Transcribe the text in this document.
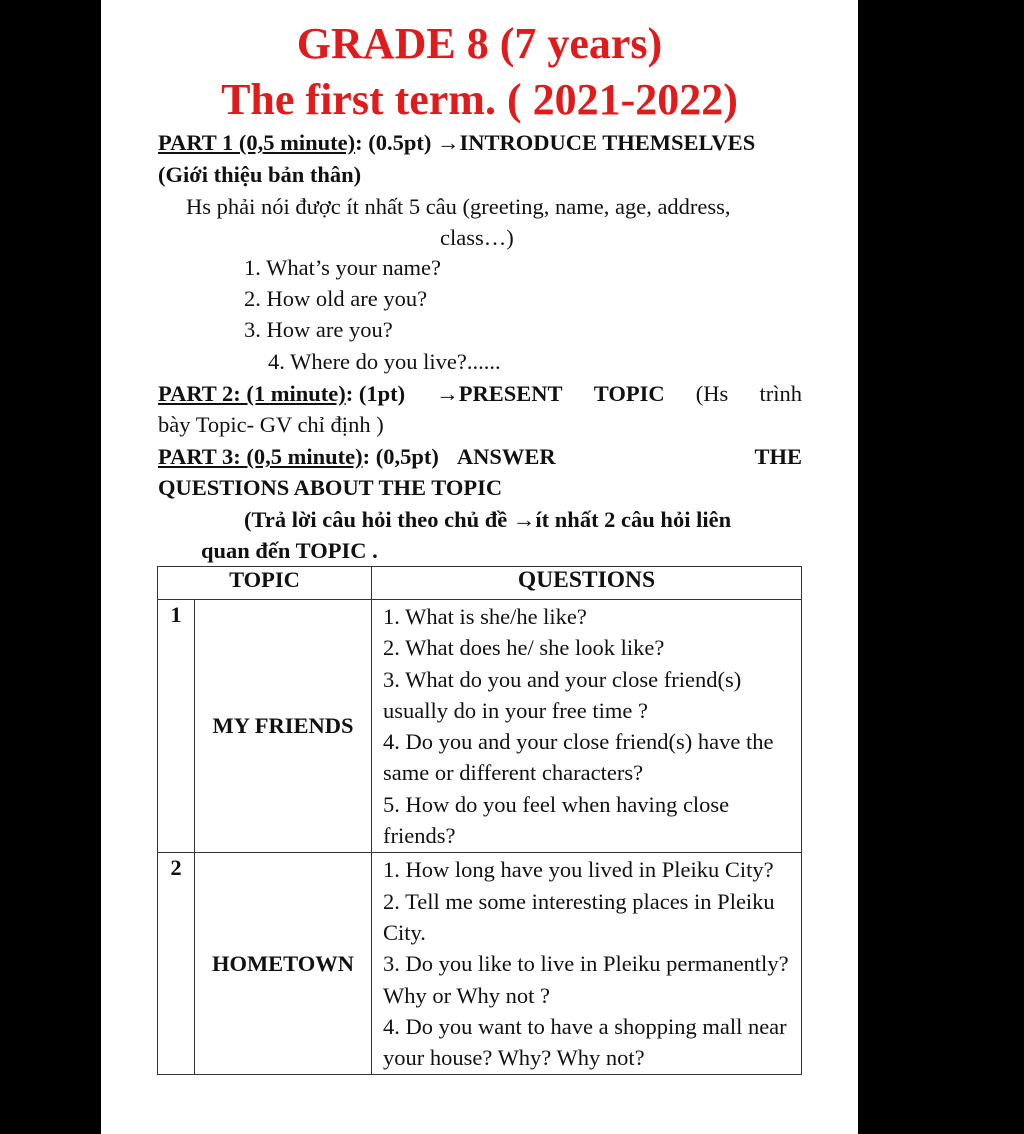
GRADE 8 (7 years)
The first term. ( 2021-2022)
PART 1 (0,5 minute): (0.5pt) →INTRODUCE THEMSELVES
(Giới thiệu bản thân)
Hs phải nói được ít nhất 5 câu (greeting, name, age, address,
class…)
1. What’s your name?
2. How old are you?
3. How are you?
4. Where do you live?......
PART 2: (1 minute): (1pt) →PRESENT TOPIC (Hs trình
bày Topic- GV chỉ định )
PART 3: (0,5 minute): (0,5pt) ANSWER	THE
QUESTIONS ABOUT THE TOPIC
(Trả lời câu hỏi theo chủ đề →ít nhất 2 câu hỏi liên
quan đến TOPIC .
TOPIC		QUESTIONS
1	MY FRIENDS	1. What is she/he like?
2. What does he/ she look like?
3. What do you and your close friend(s) usually do in your free time ?
4. Do you and your close friend(s) have the same or different characters?
5. How do you feel when having close friends?

2	HOMETOWN	1. How long have you lived in Pleiku City?
2. Tell me some interesting places in Pleiku City.
3. Do you like to live in Pleiku permanently? Why or Why not ?
4. Do you want to have a shopping mall near your house? Why? Why not?
